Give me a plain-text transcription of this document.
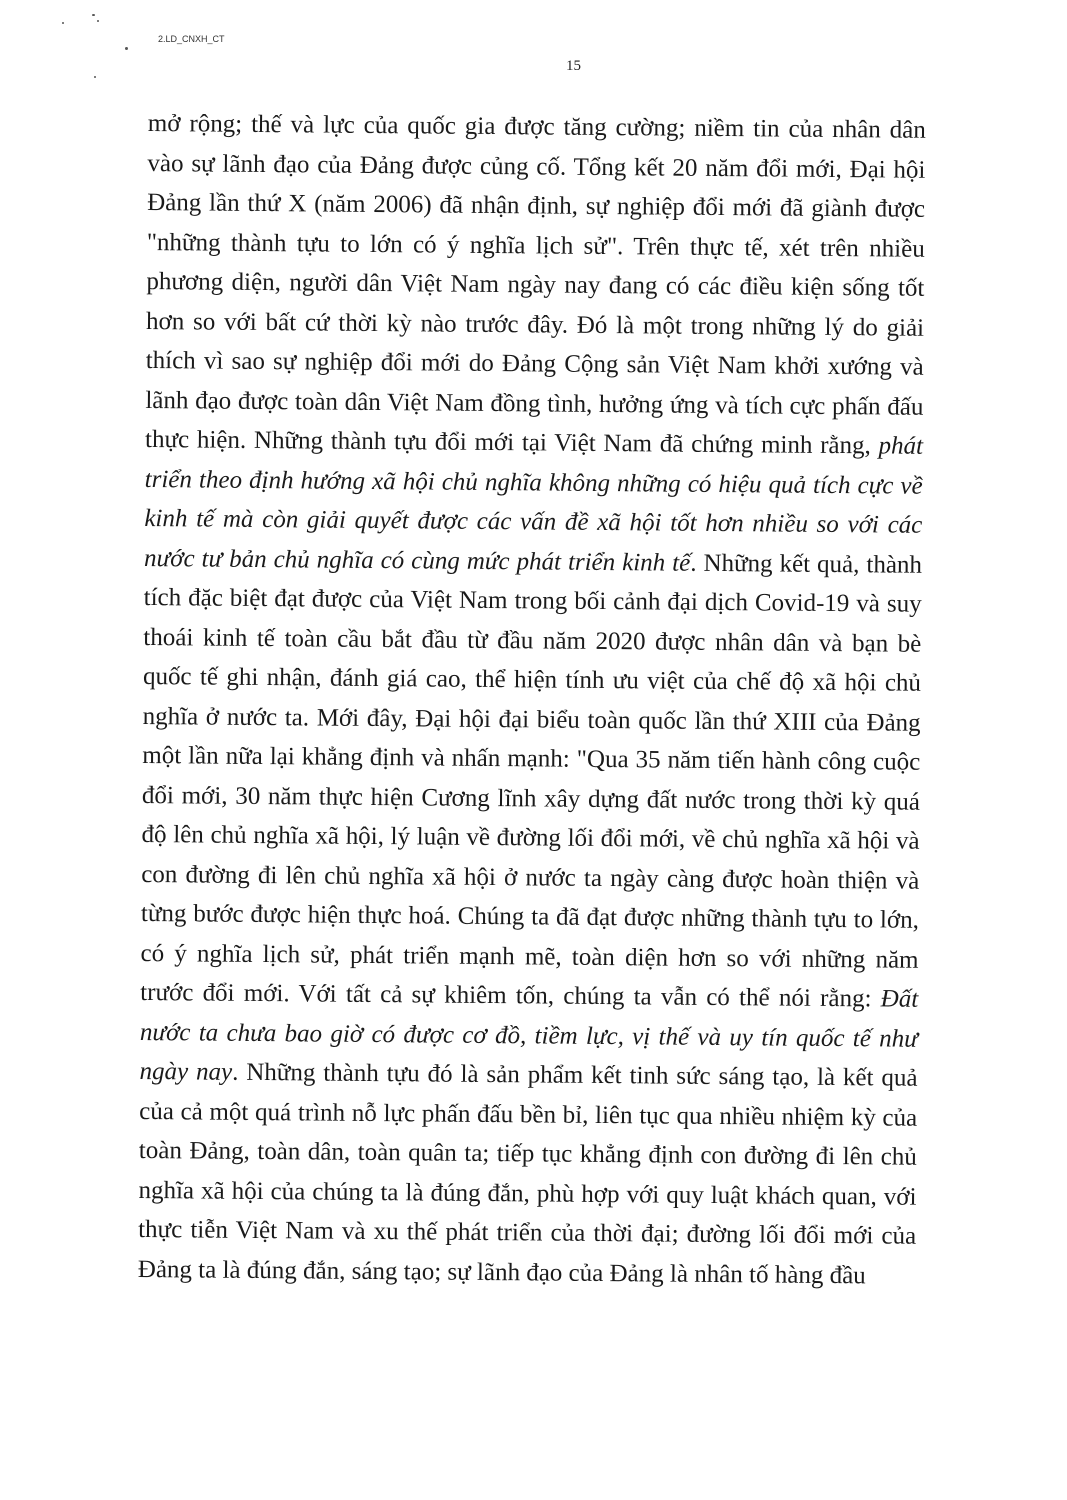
2.LD_CNXH_CT
15
mở rộng; thế và lực của quốc gia được tăng cường; niềm tin của nhân dân vào sự lãnh đạo của Đảng được củng cố. Tổng kết 20 năm đổi mới, Đại hội Đảng lần thứ X (năm 2006) đã nhận định, sự nghiệp đổi mới đã giành được "những thành tựu to lớn có ý nghĩa lịch sử". Trên thực tế, xét trên nhiều phương diện, người dân Việt Nam ngày nay đang có các điều kiện sống tốt hơn so với bất cứ thời kỳ nào trước đây. Đó là một trong những lý do giải thích vì sao sự nghiệp đổi mới do Đảng Cộng sản Việt Nam khởi xướng và lãnh đạo được toàn dân Việt Nam đồng tình, hưởng ứng và tích cực phấn đấu thực hiện. Những thành tựu đổi mới tại Việt Nam đã chứng minh rằng, phát triển theo định hướng xã hội chủ nghĩa không những có hiệu quả tích cực về kinh tế mà còn giải quyết được các vấn đề xã hội tốt hơn nhiều so với các nước tư bản chủ nghĩa có cùng mức phát triển kinh tế. Những kết quả, thành tích đặc biệt đạt được của Việt Nam trong bối cảnh đại dịch Covid-19 và suy thoái kinh tế toàn cầu bắt đầu từ đầu năm 2020 được nhân dân và bạn bè quốc tế ghi nhận, đánh giá cao, thể hiện tính ưu việt của chế độ xã hội chủ nghĩa ở nước ta. Mới đây, Đại hội đại biểu toàn quốc lần thứ XIII của Đảng một lần nữa lại khẳng định và nhấn mạnh: "Qua 35 năm tiến hành công cuộc đổi mới, 30 năm thực hiện Cương lĩnh xây dựng đất nước trong thời kỳ quá độ lên chủ nghĩa xã hội, lý luận về đường lối đổi mới, về chủ nghĩa xã hội và con đường đi lên chủ nghĩa xã hội ở nước ta ngày càng được hoàn thiện và từng bước được hiện thực hoá. Chúng ta đã đạt được những thành tựu to lớn, có ý nghĩa lịch sử, phát triển mạnh mẽ, toàn diện hơn so với những năm trước đổi mới. Với tất cả sự khiêm tốn, chúng ta vẫn có thể nói rằng: Đất nước ta chưa bao giờ có được cơ đồ, tiềm lực, vị thế và uy tín quốc tế như ngày nay. Những thành tựu đó là sản phẩm kết tinh sức sáng tạo, là kết quả của cả một quá trình nỗ lực phấn đấu bền bỉ, liên tục qua nhiều nhiệm kỳ của toàn Đảng, toàn dân, toàn quân ta; tiếp tục khẳng định con đường đi lên chủ nghĩa xã hội của chúng ta là đúng đắn, phù hợp với quy luật khách quan, với thực tiễn Việt Nam và xu thế phát triển của thời đại; đường lối đổi mới của Đảng ta là đúng đắn, sáng tạo; sự lãnh đạo của Đảng là nhân tố hàng đầu
